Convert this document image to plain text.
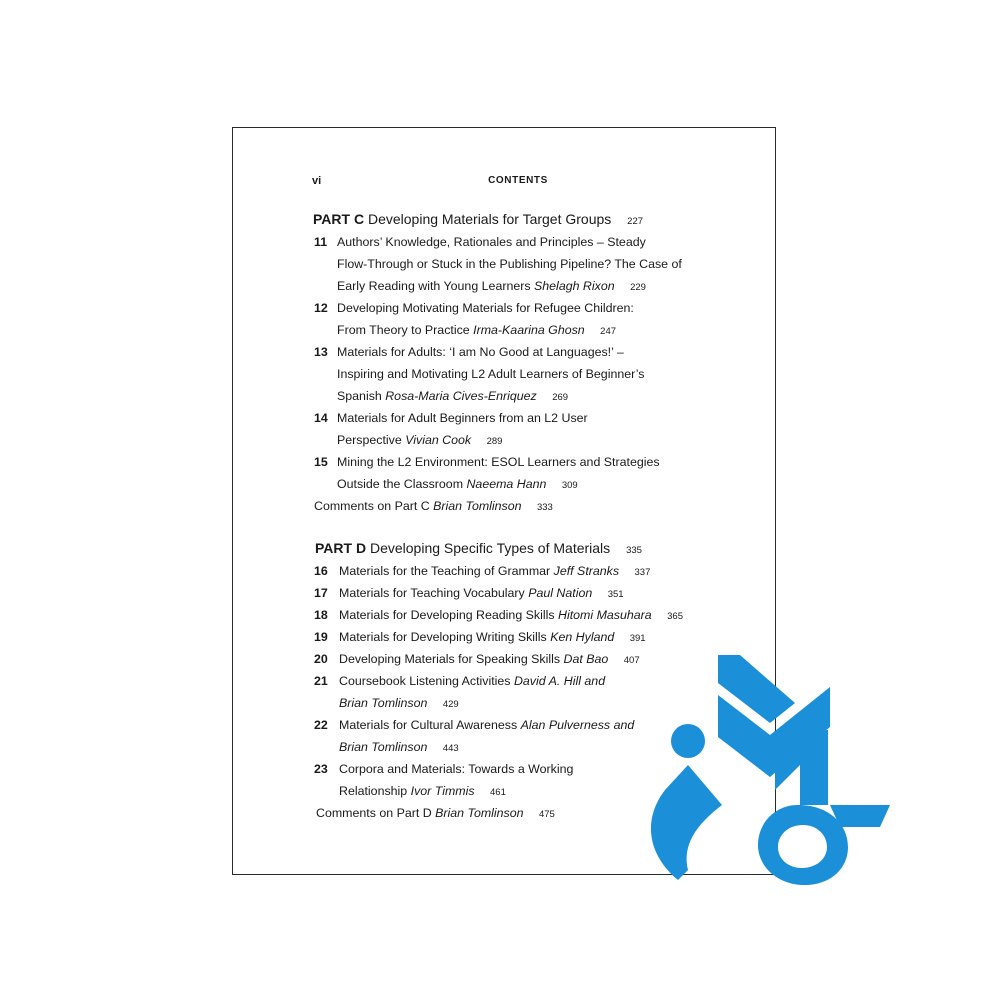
vi	CONTENTS
PART C Developing Materials for Target Groups 227
11 Authors’ Knowledge, Rationales and Principles – Steady
Flow-Through or Stuck in the Publishing Pipeline? The Case of
Early Reading with Young Learners Shelagh Rixon 229
12 Developing Motivating Materials for Refugee Children:
From Theory to Practice Irma-Kaarina Ghosn 247
13 Materials for Adults: ‘I am No Good at Languages!’ –
Inspiring and Motivating L2 Adult Learners of Beginner’s
Spanish Rosa-Maria Cives-Enriquez 269
14 Materials for Adult Beginners from an L2 User
Perspective Vivian Cook 289
15 Mining the L2 Environment: ESOL Learners and Strategies
Outside the Classroom Naeema Hann 309
Comments on Part C Brian Tomlinson 333
PART D Developing Specific Types of Materials 335
16 Materials for the Teaching of Grammar Jeff Stranks 337
17 Materials for Teaching Vocabulary Paul Nation 351
18 Materials for Developing Reading Skills Hitomi Masuhara 365
19 Materials for Developing Writing Skills Ken Hyland 391
20 Developing Materials for Speaking Skills Dat Bao 407
21 Coursebook Listening Activities David A. Hill and
Brian Tomlinson 429
22 Materials for Cultural Awareness Alan Pulverness and
Brian Tomlinson 443
23 Corpora and Materials: Towards a Working
Relationship Ivor Timmis 461
Comments on Part D Brian Tomlinson 475
